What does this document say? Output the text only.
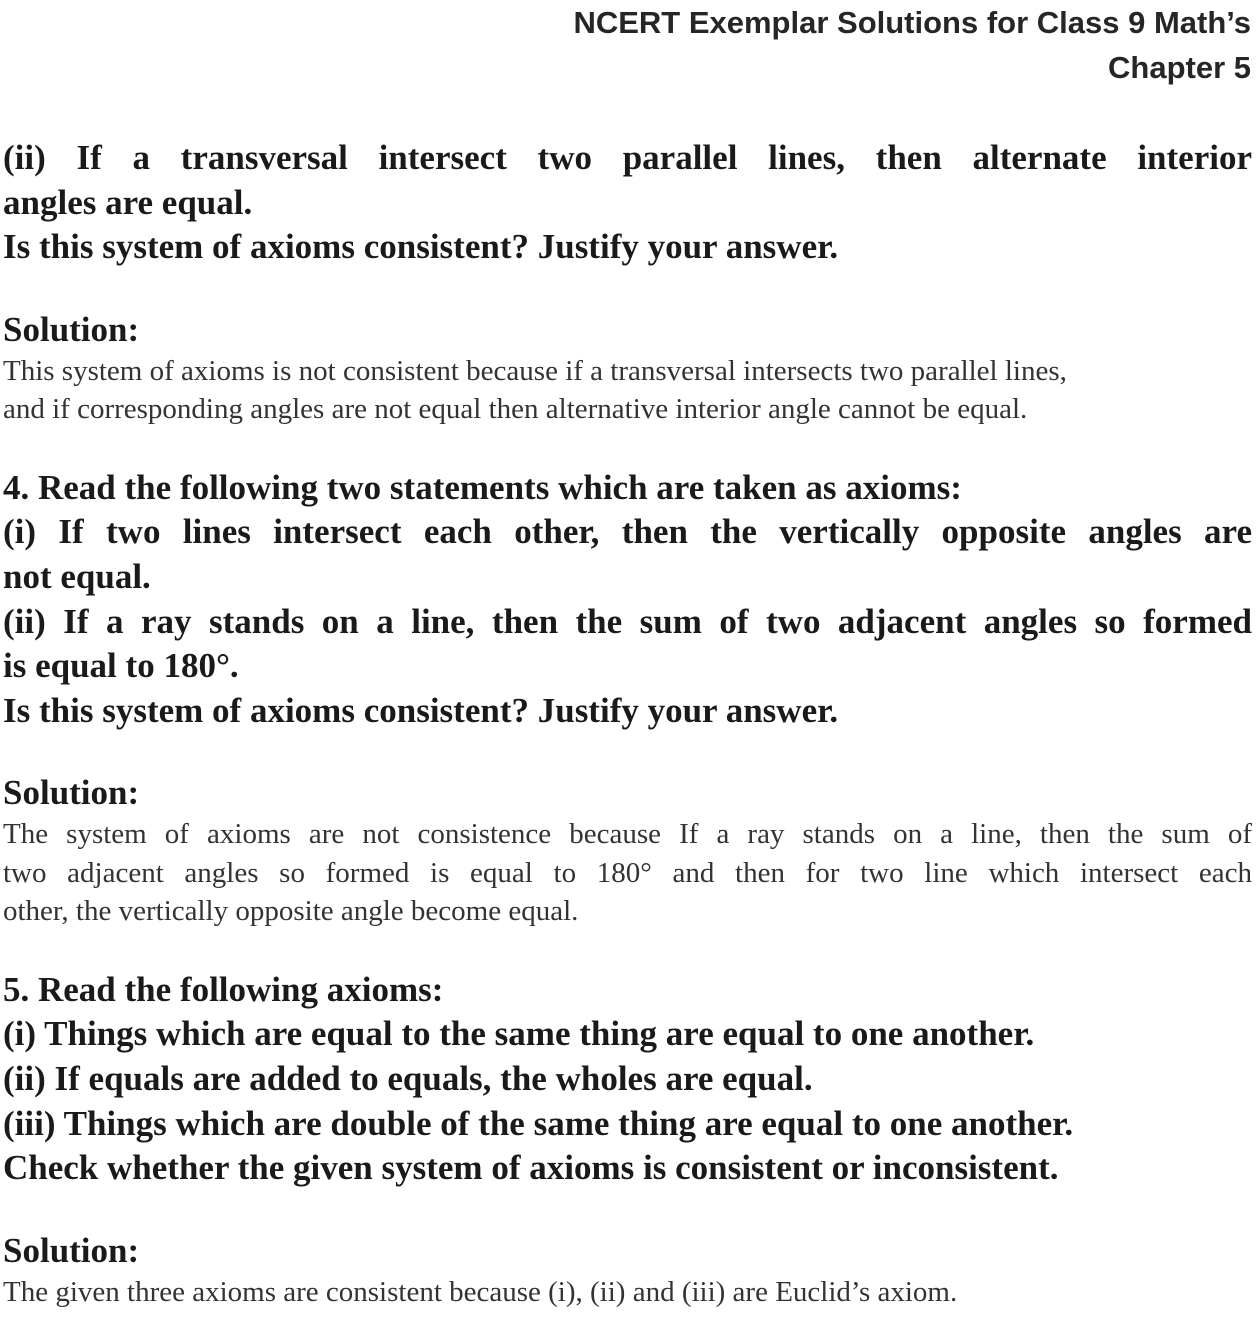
NCERT Exemplar Solutions for Class 9 Math’s
Chapter 5

(ii) If a transversal intersect two parallel lines, then alternate interior

angles are equal.

Is this system of axioms consistent? Justify your answer.

Solution:

This system of axioms is not consistent because if a transversal intersects two parallel lines,

and if corresponding angles are not equal then alternative interior angle cannot be equal.

4. Read the following two statements which are taken as axioms:

(i) If two lines intersect each other, then the vertically opposite angles are

not equal.

(ii) If a ray stands on a line, then the sum of two adjacent angles so formed

is equal to 180°.

Is this system of axioms consistent? Justify your answer.

Solution:

The system of axioms are not consistence because If a ray stands on a line, then the sum of

two adjacent angles so formed is equal to 180° and then for two line which intersect each

other, the vertically opposite angle become equal.

5. Read the following axioms:

(i) Things which are equal to the same thing are equal to one another.

(ii) If equals are added to equals, the wholes are equal.

(iii) Things which are double of the same thing are equal to one another.

Check whether the given system of axioms is consistent or inconsistent.

Solution:

The given three axioms are consistent because (i), (ii) and (iii) are Euclid’s axiom.
